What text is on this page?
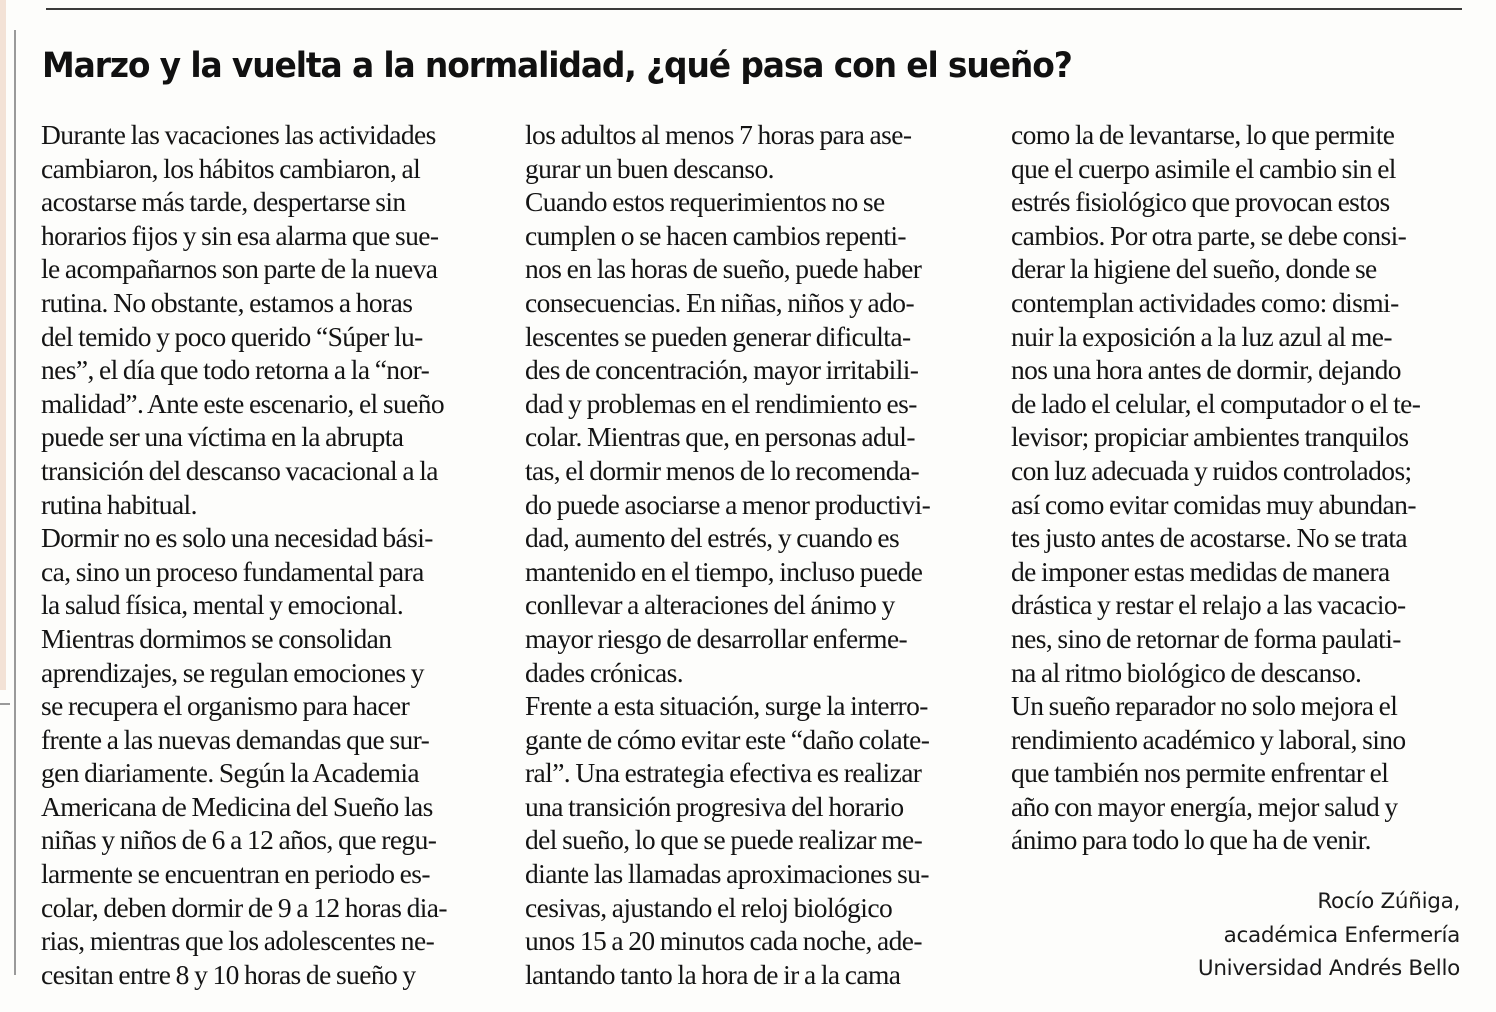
Marzo y la vuelta a la normalidad, ¿qué pasa con el sueño?
Durante las vacaciones las actividades
cambiaron, los hábitos cambiaron, al
acostarse más tarde, despertarse sin
horarios fijos y sin esa alarma que sue-
le acompañarnos son parte de la nueva
rutina. No obstante, estamos a horas
del temido y poco querido “Súper lu-
nes”, el día que todo retorna a la “nor-
malidad”. Ante este escenario, el sueño
puede ser una víctima en la abrupta
transición del descanso vacacional a la
rutina habitual.
Dormir no es solo una necesidad bási-
ca, sino un proceso fundamental para
la salud física, mental y emocional.
Mientras dormimos se consolidan
aprendizajes, se regulan emociones y
se recupera el organismo para hacer
frente a las nuevas demandas que sur-
gen diariamente. Según la Academia
Americana de Medicina del Sueño las
niñas y niños de 6 a 12 años, que regu-
larmente se encuentran en periodo es-
colar, deben dormir de 9 a 12 horas dia-
rias, mientras que los adolescentes ne-
cesitan entre 8 y 10 horas de sueño y
los adultos al menos 7 horas para ase-
gurar un buen descanso.
Cuando estos requerimientos no se
cumplen o se hacen cambios repenti-
nos en las horas de sueño, puede haber
consecuencias. En niñas, niños y ado-
lescentes se pueden generar dificulta-
des de concentración, mayor irritabili-
dad y problemas en el rendimiento es-
colar. Mientras que, en personas adul-
tas, el dormir menos de lo recomenda-
do puede asociarse a menor productivi-
dad, aumento del estrés, y cuando es
mantenido en el tiempo, incluso puede
conllevar a alteraciones del ánimo y
mayor riesgo de desarrollar enferme-
dades crónicas.
Frente a esta situación, surge la interro-
gante de cómo evitar este “daño colate-
ral”. Una estrategia efectiva es realizar
una transición progresiva del horario
del sueño, lo que se puede realizar me-
diante las llamadas aproximaciones su-
cesivas, ajustando el reloj biológico
unos 15 a 20 minutos cada noche, ade-
lantando tanto la hora de ir a la cama
como la de levantarse, lo que permite
que el cuerpo asimile el cambio sin el
estrés fisiológico que provocan estos
cambios. Por otra parte, se debe consi-
derar la higiene del sueño, donde se
contemplan actividades como: dismi-
nuir la exposición a la luz azul al me-
nos una hora antes de dormir, dejando
de lado el celular, el computador o el te-
levisor; propiciar ambientes tranquilos
con luz adecuada y ruidos controlados;
así como evitar comidas muy abundan-
tes justo antes de acostarse. No se trata
de imponer estas medidas de manera
drástica y restar el relajo a las vacacio-
nes, sino de retornar de forma paulati-
na al ritmo biológico de descanso.
Un sueño reparador no solo mejora el
rendimiento académico y laboral, sino
que también nos permite enfrentar el
año con mayor energía, mejor salud y
ánimo para todo lo que ha de venir.
Rocío Zúñiga,
académica Enfermería
Universidad Andrés Bello
